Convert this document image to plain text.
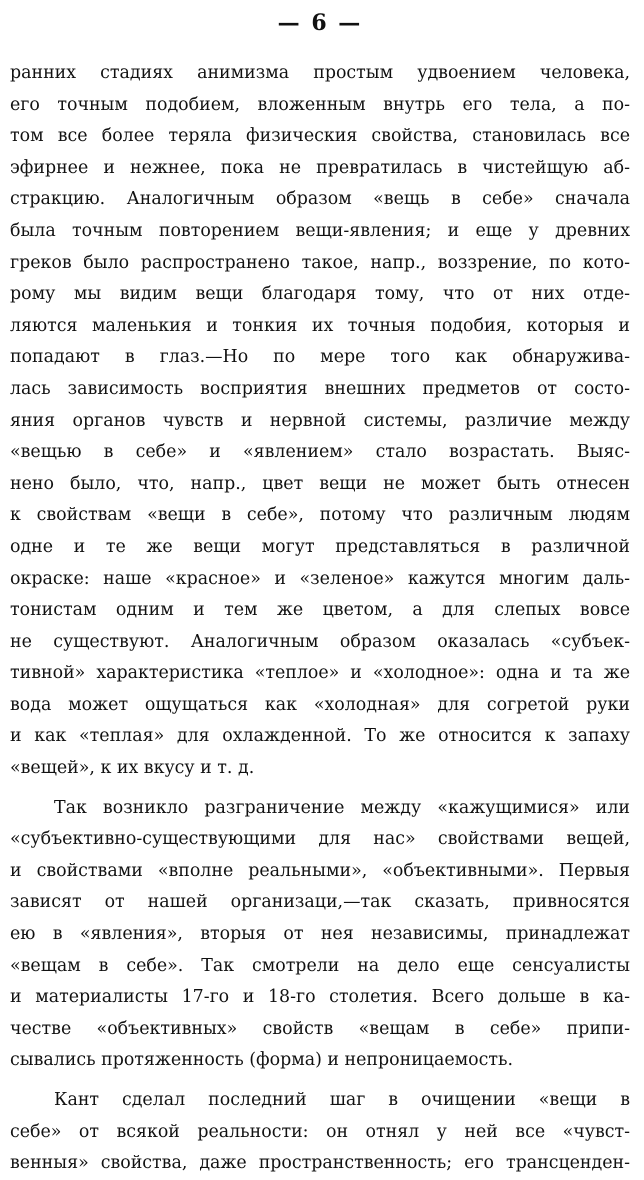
— 6 —
ранних стадиях анимизма простым удвоением человека,
его точным подобием, вложенным внутрь его тела, а по-
том все более теряла физическия свойства, становилась все
эфирнее и нежнее, пока не превратилась в чистейщую аб-
стракцию. Аналогичным образом «вещь в себе» сначала
была точным повторением вещи-явления; и еще у древних
греков было распространено такое, напр., воззрение, по кото-
рому мы видим вещи благодаря тому, что от них отде-
ляются маленькия и тонкия их точныя подобия, которыя и
попадают в глаз.—Но по мере того как обнаружива-
лась зависимость восприятия внешних предметов от состо-
яния органов чувств и нервной системы, различие между
«вещью в себе» и «явлением» стало возрастать. Выяс-
нено было, что, напр., цвет вещи не может быть отнесен
к свойствам «вещи в себе», потому что различным людям
одне и те же вещи могут представляться в различной
окраске: наше «красное» и «зеленое» кажутся многим даль-
тонистам одним и тем же цветом, а для слепых вовсе
не существуют. Аналогичным образом оказалась «субъек-
тивной» характеристика «теплое» и «холодное»: одна и та же
вода может ощущаться как «холодная» для согретой руки
и как «теплая» для охлажденной. То же относится к запаху
«вещей», к их вкусу и т. д.
Так возникло разграничение между «кажущимися» или
«субъективно-существующими для нас» свойствами вещей,
и свойствами «вполне реальными», «объективными». Первыя
зависят от нашей организаци,—так сказать, привносятся
ею в «явления», вторыя от нея независимы, принадлежат
«вещам в себе». Так смотрели на дело еще сенсуалисты
и материалисты 17-го и 18-го столетия. Всего дольше в ка-
честве «объективных» свойств «вещам в себе» припи-
сывались протяженность (форма) и непроницаемость.
Кант сделал последний шаг в очищении «вещи в
себе» от всякой реальности: он отнял у ней все «чувст-
венныя» свойства, даже пространственность; его трансценден-
